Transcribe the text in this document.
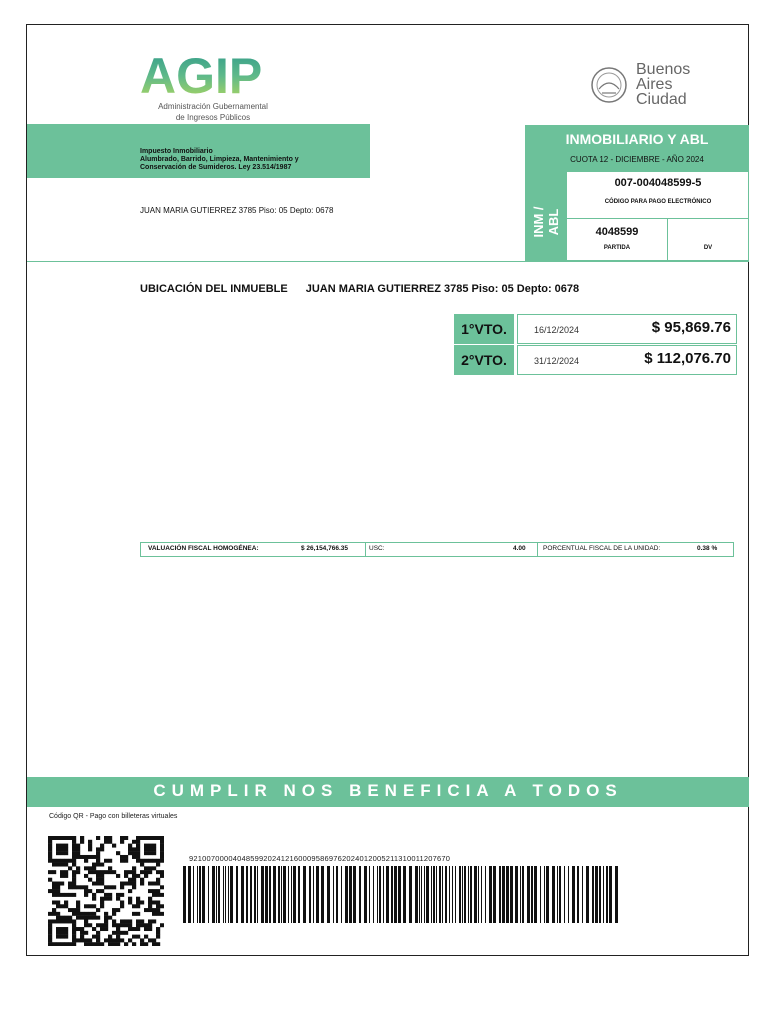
AGIP
Administración Gubernamental
de Ingresos Públicos
Buenos
Aires
Ciudad
Impuesto Inmobiliario
Alumbrado, Barrido, Limpieza, Mantenimiento y
Conservación de Sumideros. Ley 23.514/1987
JUAN MARIA GUTIERREZ 3785 Piso: 05 Depto: 0678
INMOBILIARIO Y ABL
CUOTA 12 - DICIEMBRE - AÑO 2024
INM / ABL
007-004048599-5
CÓDIGO PARA PAGO ELECTRÓNICO
4048599
PARTIDA	DV
UBICACIÓN DEL INMUEBLE JUAN MARIA GUTIERREZ 3785 Piso: 05 Depto: 0678
1°VTO.	16/12/2024	$ 95,869.76
2°VTO.	31/12/2024	$ 112,076.70
VALUACIÓN FISCAL HOMOGÉNEA:	$ 26,154,766.35	USC:	4.00	PORCENTUAL FISCAL DE LA UNIDAD:	0.38 %
CUMPLIR NOS BENEFICIA A TODOS
Código QR - Pago con billeteras virtuales
921007000040485992024121600095869762024012005211310011207670
